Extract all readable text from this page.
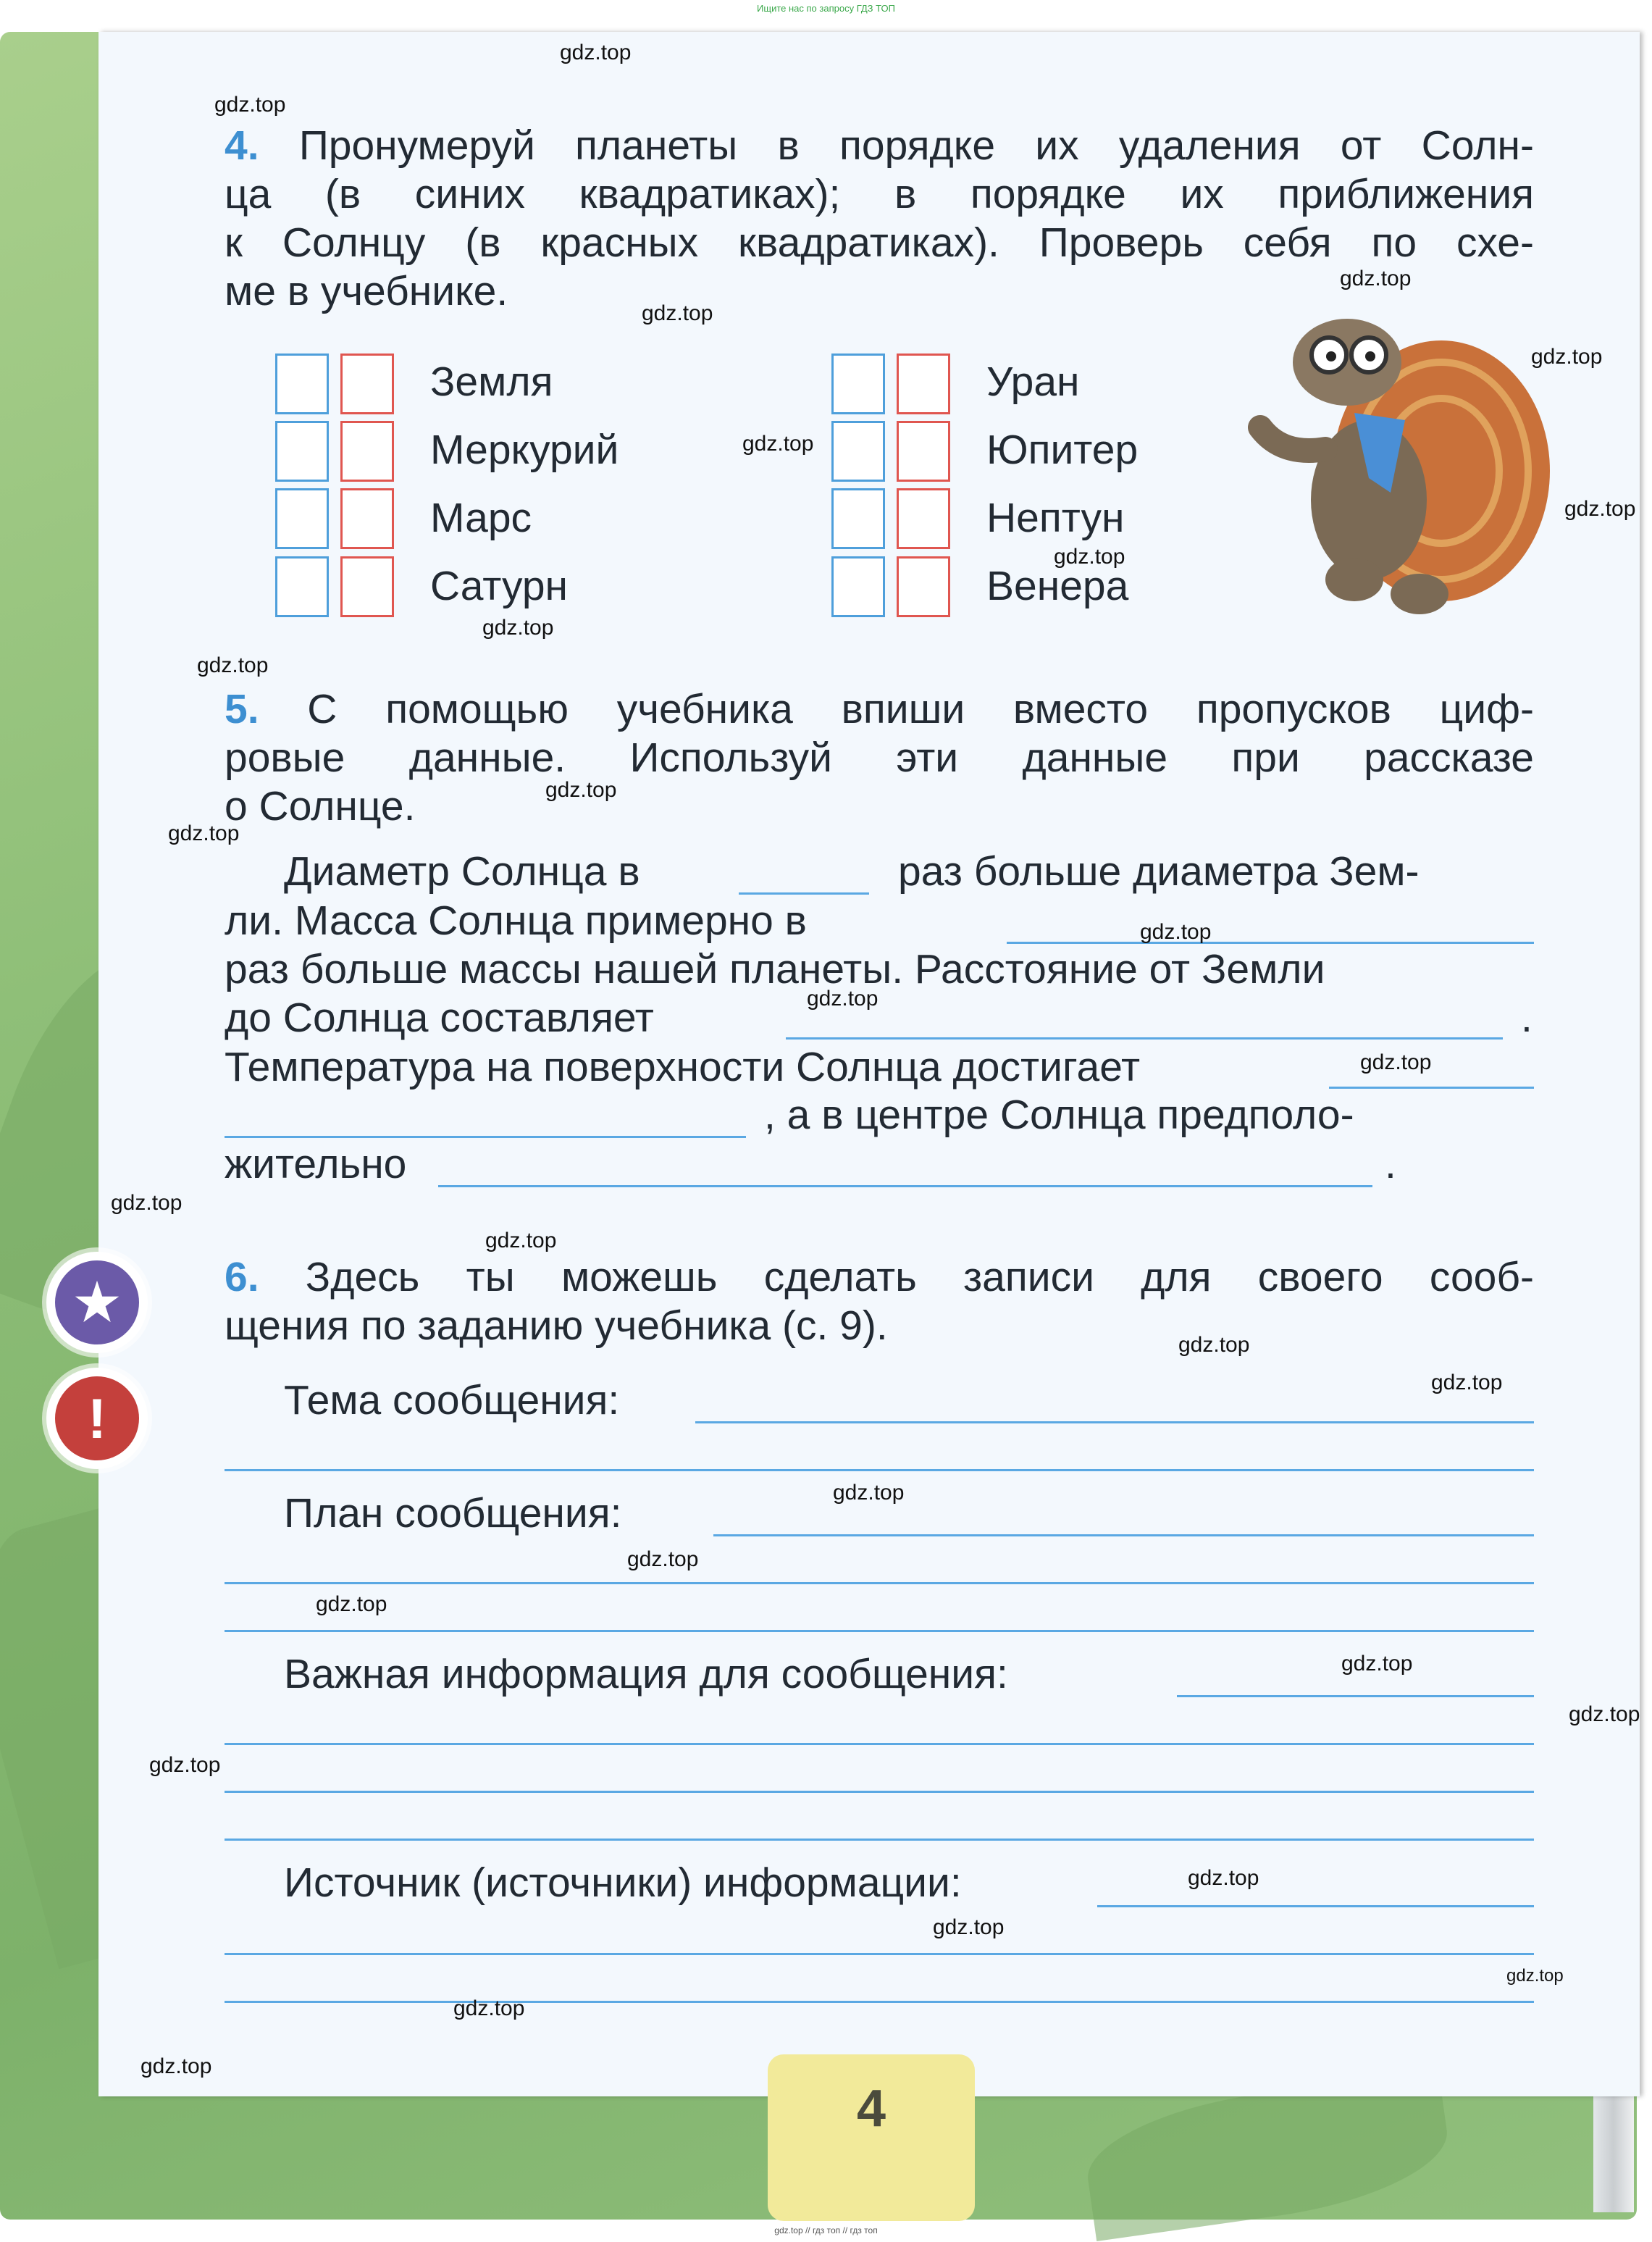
Ищите нас по запросу ГДЗ ТОП
4. Пронумеруй планеты в порядке их удаления от Солн-
ца (в синих квадратиках); в порядке их приближения
к Солнцу (в красных квадратиках). Проверь себя по схе-
ме в учебнике.
Земля
Меркурий
Марс
Сатурн
Уран
Юпитер
Нептун
Венера
5. С помощью учебника впиши вместо пропусков циф-
ровые данные. Используй эти данные при рассказе
о Солнце.
Диаметр Солнца в	раз больше диаметра Зем-
ли. Масса Солнца примерно в
раз больше массы нашей планеты. Расстояние от Земли
до Солнца составляет	.
Температура на поверхности Солнца достигает
, а в центре Солнца предполо-
жительно	.
★
!
6. Здесь ты можешь сделать записи для своего сооб-
щения по заданию учебника (с. 9).
Тема сообщения:
План сообщения:
Важная информация для сообщения:
Источник (источники) информации:
4
gdz.top
gdz.top
gdz.top
gdz.top
gdz.top
gdz.top
gdz.top
gdz.top
gdz.top
gdz.top
gdz.top
gdz.top
gdz.top
gdz.top
gdz.top
gdz.top
gdz.top
gdz.top
gdz.top
gdz.top
gdz.top
gdz.top
gdz.top
gdz.top
gdz.top
gdz.top
gdz.top
gdz.top
gdz.top
gdz.top
gdz.top // гдз топ // гдз топ
